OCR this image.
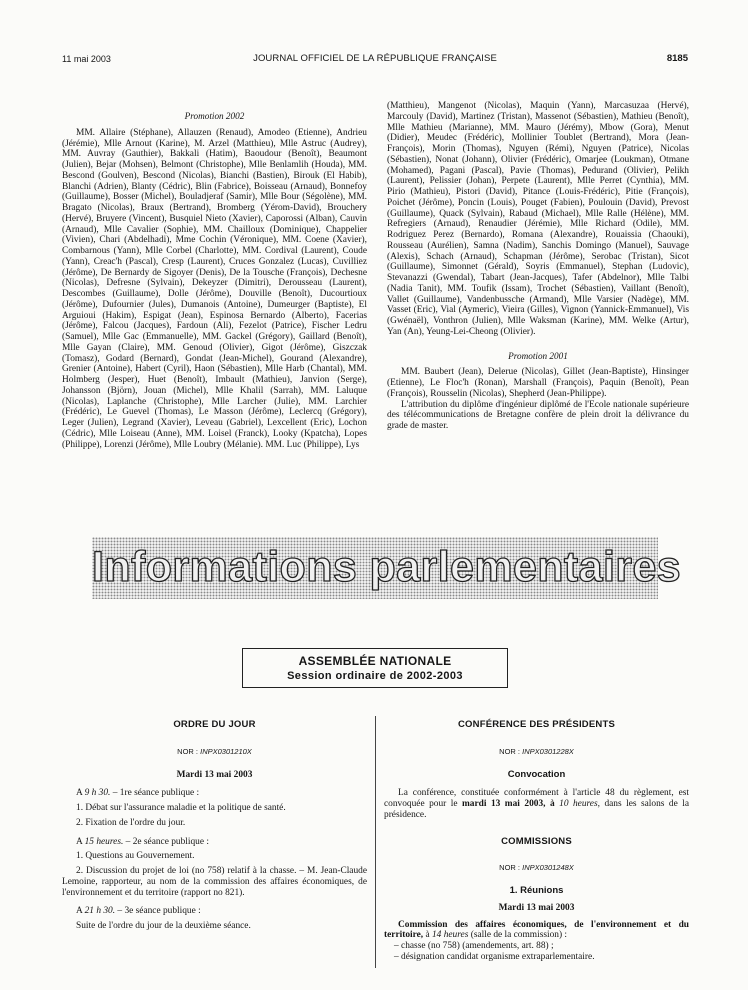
11 mai 2003	JOURNAL OFFICIEL DE LA RÉPUBLIQUE FRANÇAISE	8185
Promotion 2002

MM. Allaire (Stéphane), Allauzen (Renaud), Amodeo (Etienne), Andrieu (Jérémie), Mlle Arnout (Karine), M. Arzel (Matthieu), Mlle Astruc (Audrey), MM. Auvray (Gauthier), Bakkali (Hatim), Baoudour (Benoît), Beaumont (Julien), Bejar (Mohsen), Belmont (Christophe), Mlle Benlamlih (Houda), MM. Bescond (Goulven), Bescond (Nicolas), Bianchi (Bastien), Birouk (El Habib), Blanchi (Adrien), Blanty (Cédric), Blin (Fabrice), Boisseau (Arnaud), Bonnefoy (Guillaume), Bosser (Michel), Bouladjeraf (Samir), Mlle Bour (Ségolène), MM. Bragato (Nicolas), Braux (Bertrand), Bromberg (Yérom-David), Brouchery (Hervé), Bruyere (Vincent), Busquiel Nieto (Xavier), Caporossi (Alban), Cauvin (Arnaud), Mlle Cavalier (Sophie), MM. Chailloux (Dominique), Chappelier (Vivien), Chari (Abdelhadi), Mme Cochin (Véronique), MM. Coene (Xavier), Combarnous (Yann), Mlle Corbel (Charlotte), MM. Cordival (Laurent), Coude (Yann), Creac'h (Pascal), Cresp (Laurent), Cruces Gonzalez (Lucas), Cuvilliez (Jérôme), De Bernardy de Sigoyer (Denis), De la Tousche (François), Dechesne (Nicolas), Defresne (Sylvain), Dekeyzer (Dimitri), Derousseau (Laurent), Descombes (Guillaume), Dolle (Jérôme), Douville (Benoît), Ducourtioux (Jérôme), Dufournier (Jules), Dumanois (Antoine), Dumeurger (Baptiste), El Arguioui (Hakim), Espigat (Jean), Espinosa Bernardo (Alberto), Facerias (Jérôme), Falcou (Jacques), Fardoun (Ali), Fezelot (Patrice), Fischer Ledru (Samuel), Mlle Gac (Emmanuelle), MM. Gackel (Grégory), Gaillard (Benoît), Mlle Gayan (Claire), MM. Genoud (Olivier), Gigot (Jérôme), Giszczak (Tomasz), Godard (Bernard), Gondat (Jean-Michel), Gourand (Alexandre), Grenier (Antoine), Habert (Cyril), Haon (Sébastien), Mlle Harb (Chantal), MM. Holmberg (Jesper), Huet (Benoît), Imbault (Mathieu), Janvion (Serge), Johansson (Björn), Jouan (Michel), Mlle Khalil (Sarrah), MM. Laluque (Nicolas), Laplanche (Christophe), Mlle Larcher (Julie), MM. Larchier (Frédéric), Le Guevel (Thomas), Le Masson (Jérôme), Leclercq (Grégory), Leger (Julien), Legrand (Xavier), Leveau (Gabriel), Lexcellent (Eric), Lochon (Cédric), Mlle Loiseau (Anne), MM. Loisel (Franck), Looky (Kpatcha), Lopes (Philippe), Lorenzi (Jérôme), Mlle Loubry (Mélanie). MM. Luc (Philippe), Lys

(Matthieu), Mangenot (Nicolas), Maquin (Yann), Marcasuzaa (Hervé), Marcouly (David), Martinez (Tristan), Massenot (Sébastien), Mathieu (Benoît), Mlle Mathieu (Marianne), MM. Mauro (Jérémy), Mbow (Gora), Menut (Didier), Meudec (Frédéric), Mollinier Toublet (Bertrand), Mora (Jean-François), Morin (Thomas), Nguyen (Rémi), Nguyen (Patrice), Nicolas (Sébastien), Nonat (Johann), Olivier (Frédéric), Omarjee (Loukman), Otmane (Mohamed), Pagani (Pascal), Pavie (Thomas), Pedurand (Olivier), Pelikh (Laurent), Pelissier (Johan), Perpete (Laurent), Mlle Perret (Cynthia), MM. Pirio (Mathieu), Pistori (David), Pitance (Louis-Frédéric), Pitie (François), Poichet (Jérôme), Poncin (Louis), Pouget (Fabien), Poulouin (David), Prevost (Guillaume), Quack (Sylvain), Rabaud (Michael), Mlle Ralle (Hélène), MM. Refregiers (Arnaud), Renaudier (Jérémie), Mlle Richard (Odile), MM. Rodriguez Perez (Bernardo), Romana (Alexandre), Rouaissia (Chaouki), Rousseau (Aurélien), Samna (Nadim), Sanchis Domingo (Manuel), Sauvage (Alexis), Schach (Arnaud), Schapman (Jérôme), Serobac (Tristan), Sicot (Guillaume), Simonnet (Gérald), Soyris (Emmanuel), Stephan (Ludovic), Stevanazzi (Gwendal), Tabart (Jean-Jacques), Tafer (Abdelnor), Mlle Talbi (Nadia Tanit), MM. Toufik (Issam), Trochet (Sébastien), Vaillant (Benoît), Vallet (Guillaume), Vandenbussche (Armand), Mlle Varsier (Nadège), MM. Vasset (Eric), Vial (Aymeric), Vieira (Gilles), Vignon (Yannick-Emmanuel), Vis (Gwénaël), Vonthron (Julien), Mlle Waksman (Karine), MM. Welke (Artur), Yan (An), Yeung-Lei-Cheong (Olivier).

Promotion 2001

MM. Baubert (Jean), Delerue (Nicolas), Gillet (Jean-Baptiste), Hinsinger (Etienne), Le Floc'h (Ronan), Marshall (François), Paquin (Benoît), Pean (François), Rousselin (Nicolas), Shepherd (Jean-Philippe).

L'attribution du diplôme d'ingénieur diplômé de l'Ecole nationale supérieure des télécommunications de Bretagne confère de plein droit la délivrance du grade de master.

Informations parlementaires
ASSEMBLÉE NATIONALE
Session ordinaire de 2002-2003
ORDRE DU JOUR
NOR : INPX0301210X
Mardi 13 mai 2003

A 9 h 30. – 1re séance publique :

1. Débat sur l'assurance maladie et la politique de santé.

2. Fixation de l'ordre du jour.

A 15 heures. – 2e séance publique :

1. Questions au Gouvernement.

2. Discussion du projet de loi (no 758) relatif à la chasse. – M. Jean-Claude Lemoine, rapporteur, au nom de la commission des affaires économiques, de l'environnement et du territoire (rapport no 821).

A 21 h 30. – 3e séance publique :

Suite de l'ordre du jour de la deuxième séance.

CONFÉRENCE DES PRÉSIDENTS
NOR : INPX0301228X
Convocation

La conférence, constituée conformément à l'article 48 du règlement, est convoquée pour le mardi 13 mai 2003, à 10 heures, dans les salons de la présidence.

COMMISSIONS
NOR : INPX0301248X
1. Réunions
Mardi 13 mai 2003

Commission des affaires économiques, de l'environnement et du territoire, à 14 heures (salle de la commission) :

– chasse (no 758) (amendements, art. 88) ;

– désignation candidat organisme extraparlementaire.
